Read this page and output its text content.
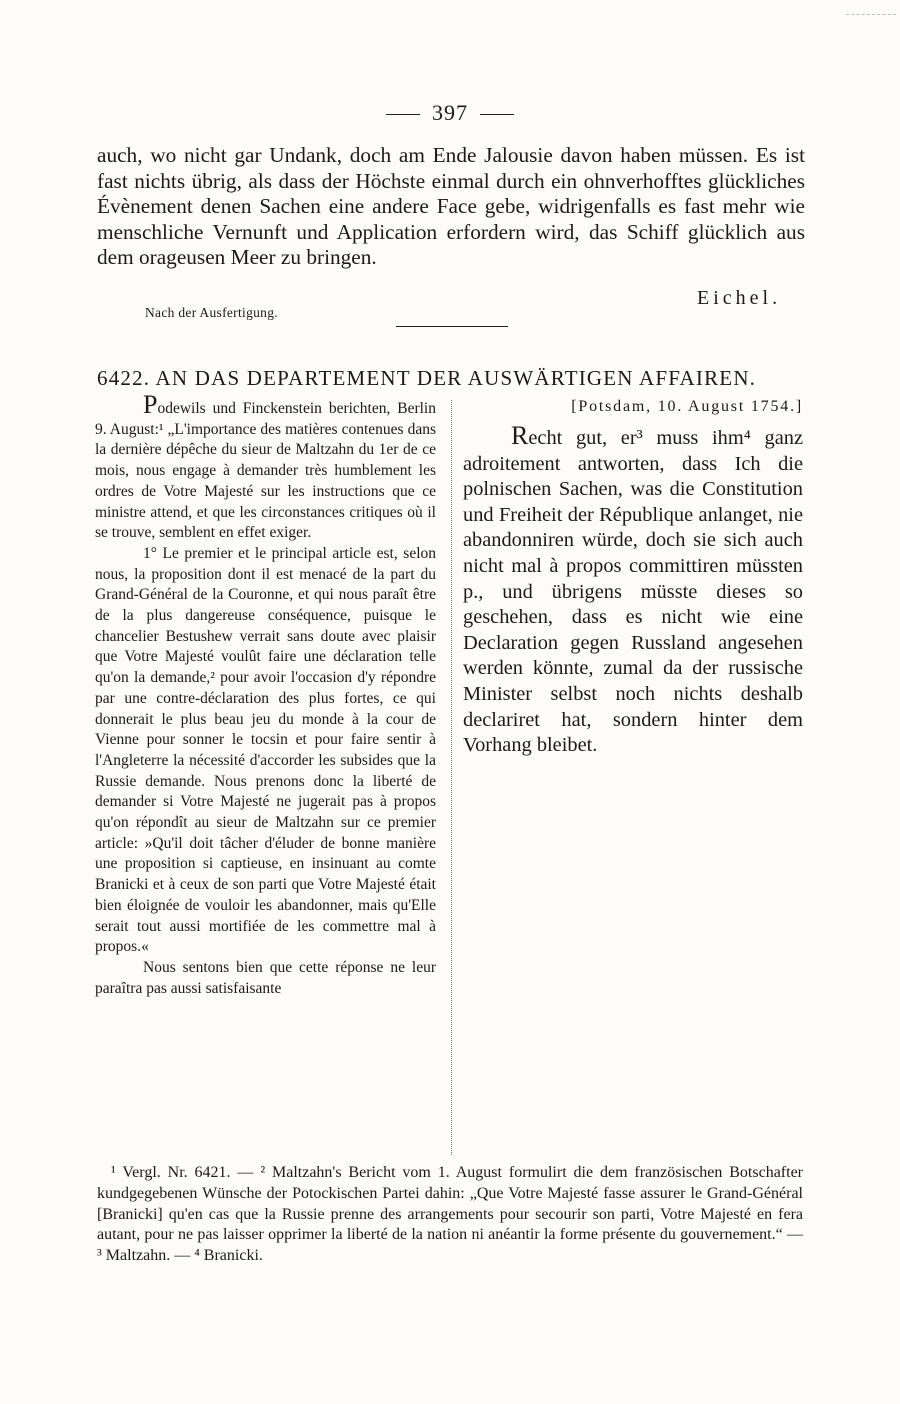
397

auch, wo nicht gar Undank, doch am Ende Jalousie davon haben müssen. Es ist fast nichts übrig, als dass der Höchste einmal durch ein ohnverhofftes glückliches Évènement denen Sachen eine andere Face gebe, widrigenfalls es fast mehr wie menschliche Vernunft und Application erfordern wird, das Schiff glücklich aus dem orageusen Meer zu bringen.

Eichel.
Nach der Ausfertigung.
6422. AN DAS DEPARTEMENT DER AUSWÄRTIGEN AFFAIREN.

Podewils und Finckenstein berichten, Berlin 9. August:¹ „L'importance des matières contenues dans la dernière dépêche du sieur de Maltzahn du 1er de ce mois, nous engage à demander très humblement les ordres de Votre Majesté sur les instructions que ce ministre attend, et que les circonstances critiques où il se trouve, semblent en effet exiger.

1° Le premier et le principal article est, selon nous, la proposition dont il est menacé de la part du Grand-Général de la Couronne, et qui nous paraît être de la plus dangereuse conséquence, puisque le chancelier Bestushew verrait sans doute avec plaisir que Votre Majesté voulût faire une déclaration telle qu'on la demande,² pour avoir l'occasion d'y répondre par une contre-déclaration des plus fortes, ce qui donnerait le plus beau jeu du monde à la cour de Vienne pour sonner le tocsin et pour faire sentir à l'Angleterre la nécessité d'accorder les subsides que la Russie demande. Nous prenons donc la liberté de demander si Votre Majesté ne jugerait pas à propos qu'on répondît au sieur de Maltzahn sur ce premier article: »Qu'il doit tâcher d'éluder de bonne manière une proposition si captieuse, en insinuant au comte Branicki et à ceux de son parti que Votre Majesté était bien éloignée de vouloir les abandonner, mais qu'Elle serait tout aussi mortifiée de les commettre mal à propos.«

Nous sentons bien que cette réponse ne leur paraîtra pas aussi satisfaisante

[Potsdam, 10. August 1754.]

Recht gut, er³ muss ihm⁴ ganz adroitement antworten, dass Ich die polnischen Sachen, was die Constitution und Freiheit der République anlanget, nie abandonniren würde, doch sie sich auch nicht mal à propos committiren müssten p., und übrigens müsste dieses so geschehen, dass es nicht wie eine Declaration gegen Russland angesehen werden könnte, zumal da der russische Minister selbst noch nichts deshalb declariret hat, sondern hinter dem Vorhang bleibet.

¹ Vergl. Nr. 6421. — ² Maltzahn's Bericht vom 1. August formulirt die dem französischen Botschafter kundgegebenen Wünsche der Potockischen Partei dahin: „Que Votre Majesté fasse assurer le Grand-Général [Branicki] qu'en cas que la Russie prenne des arrangements pour secourir son parti, Votre Majesté en fera autant, pour ne pas laisser opprimer la liberté de la nation ni anéantir la forme présente du gouvernement.“ — ³ Maltzahn. — ⁴ Branicki.
